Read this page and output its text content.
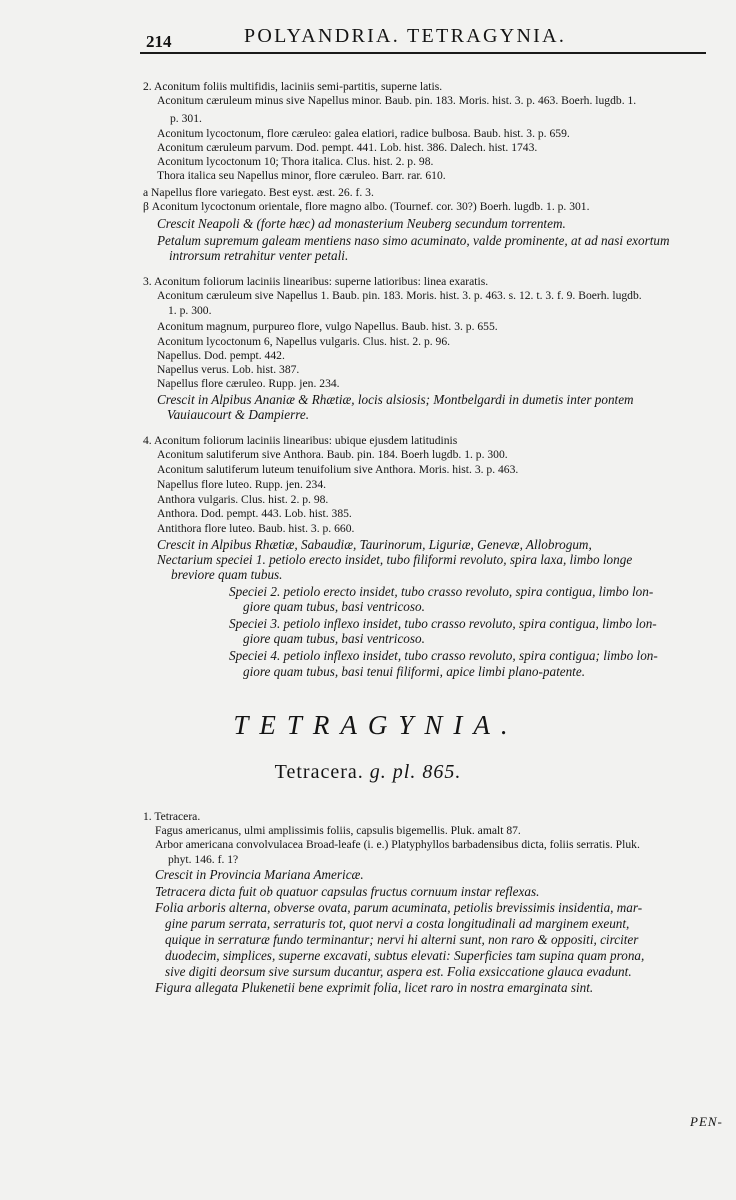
214	POLYANDRIA. TETRAGYNIA.
2. Aconitum foliis multifidis, laciniis semi-partitis, superne latis.
Aconitum cæruleum minus sive Napellus minor. Baub. pin. 183. Moris. hist. 3. p. 463. Boerh. lugdb. 1.
p. 301.
Aconitum lycoctonum, flore cæruleo: galea elatiori, radice bulbosa. Baub. hist. 3. p. 659.
Aconitum cæruleum parvum. Dod. pempt. 441. Lob. hist. 386. Dalech. hist. 1743.
Aconitum lycoctonum 10; Thora italica. Clus. hist. 2. p. 98.
Thora italica seu Napellus minor, flore cæruleo. Barr. rar. 610.
a Napellus flore variegato. Best eyst. æst. 26. f. 3.
β Aconitum lycoctonum orientale, flore magno albo. (Tournef. cor. 30?) Boerh. lugdb. 1. p. 301.
Crescit Neapoli & (forte hæc) ad monasterium Neuberg secundum torrentem.
Petalum supremum galeam mentiens naso simo acuminato, valde prominente, at ad nasi exortum
introrsum retrahitur venter petali.
3. Aconitum foliorum laciniis linearibus: superne latioribus: linea exaratis.
Aconitum cæruleum sive Napellus 1. Baub. pin. 183. Moris. hist. 3. p. 463. s. 12. t. 3. f. 9. Boerh. lugdb.
1. p. 300.
Aconitum magnum, purpureo flore, vulgo Napellus. Baub. hist. 3. p. 655.
Aconitum lycoctonum 6, Napellus vulgaris. Clus. hist. 2. p. 96.
Napellus. Dod. pempt. 442.
Napellus verus. Lob. hist. 387.
Napellus flore cæruleo. Rupp. jen. 234.
Crescit in Alpibus Ananiæ & Rhætiæ, locis alsiosis; Montbelgardi in dumetis inter pontem
Vauiaucourt & Dampierre.
4. Aconitum foliorum laciniis linearibus: ubique ejusdem latitudinis
Aconitum salutiferum sive Anthora. Baub. pin. 184. Boerh lugdb. 1. p. 300.
Aconitum salutiferum luteum tenuifolium sive Anthora. Moris. hist. 3. p. 463.
Napellus flore luteo. Rupp. jen. 234.
Anthora vulgaris. Clus. hist. 2. p. 98.
Anthora. Dod. pempt. 443. Lob. hist. 385.
Antithora flore luteo. Baub. hist. 3. p. 660.
Crescit in Alpibus Rhætiæ, Sabaudiæ, Taurinorum, Liguriæ, Genevæ, Allobrogum,
Nectarium speciei 1. petiolo erecto insidet, tubo filiformi revoluto, spira laxa, limbo longe
breviore quam tubus.
Speciei 2. petiolo erecto insidet, tubo crasso revoluto, spira contigua, limbo lon-
giore quam tubus, basi ventricoso.
Speciei 3. petiolo inflexo insidet, tubo crasso revoluto, spira contigua, limbo lon-
giore quam tubus, basi ventricoso.
Speciei 4. petiolo inflexo insidet, tubo crasso revoluto, spira contigua; limbo lon-
giore quam tubus, basi tenui filiformi, apice limbi plano-patente.
TETRAGYNIA.
Tetracera. g. pl. 865.
1. Tetracera.
Fagus americanus, ulmi amplissimis foliis, capsulis bigemellis. Pluk. amalt 87.
Arbor americana convolvulacea Broad-leafe (i. e.) Platyphyllos barbadensibus dicta, foliis serratis. Pluk.
phyt. 146. f. 1?
Crescit in Provincia Mariana Americæ.
Tetracera dicta fuit ob quatuor capsulas fructus cornuum instar reflexas.
Folia arboris alterna, obverse ovata, parum acuminata, petiolis brevissimis insidentia, mar-
gine parum serrata, serraturis tot, quot nervi a costa longitudinali ad marginem exeunt,
quique in serraturæ fundo terminantur; nervi hi alterni sunt, non raro & oppositi, circiter
duodecim, simplices, superne excavati, subtus elevati: Superficies tam supina quam prona,
sive digiti deorsum sive sursum ducantur, aspera est. Folia exsiccatione glauca evadunt.
Figura allegata Plukenetii bene exprimit folia, licet raro in nostra emarginata sint.
PEN-
